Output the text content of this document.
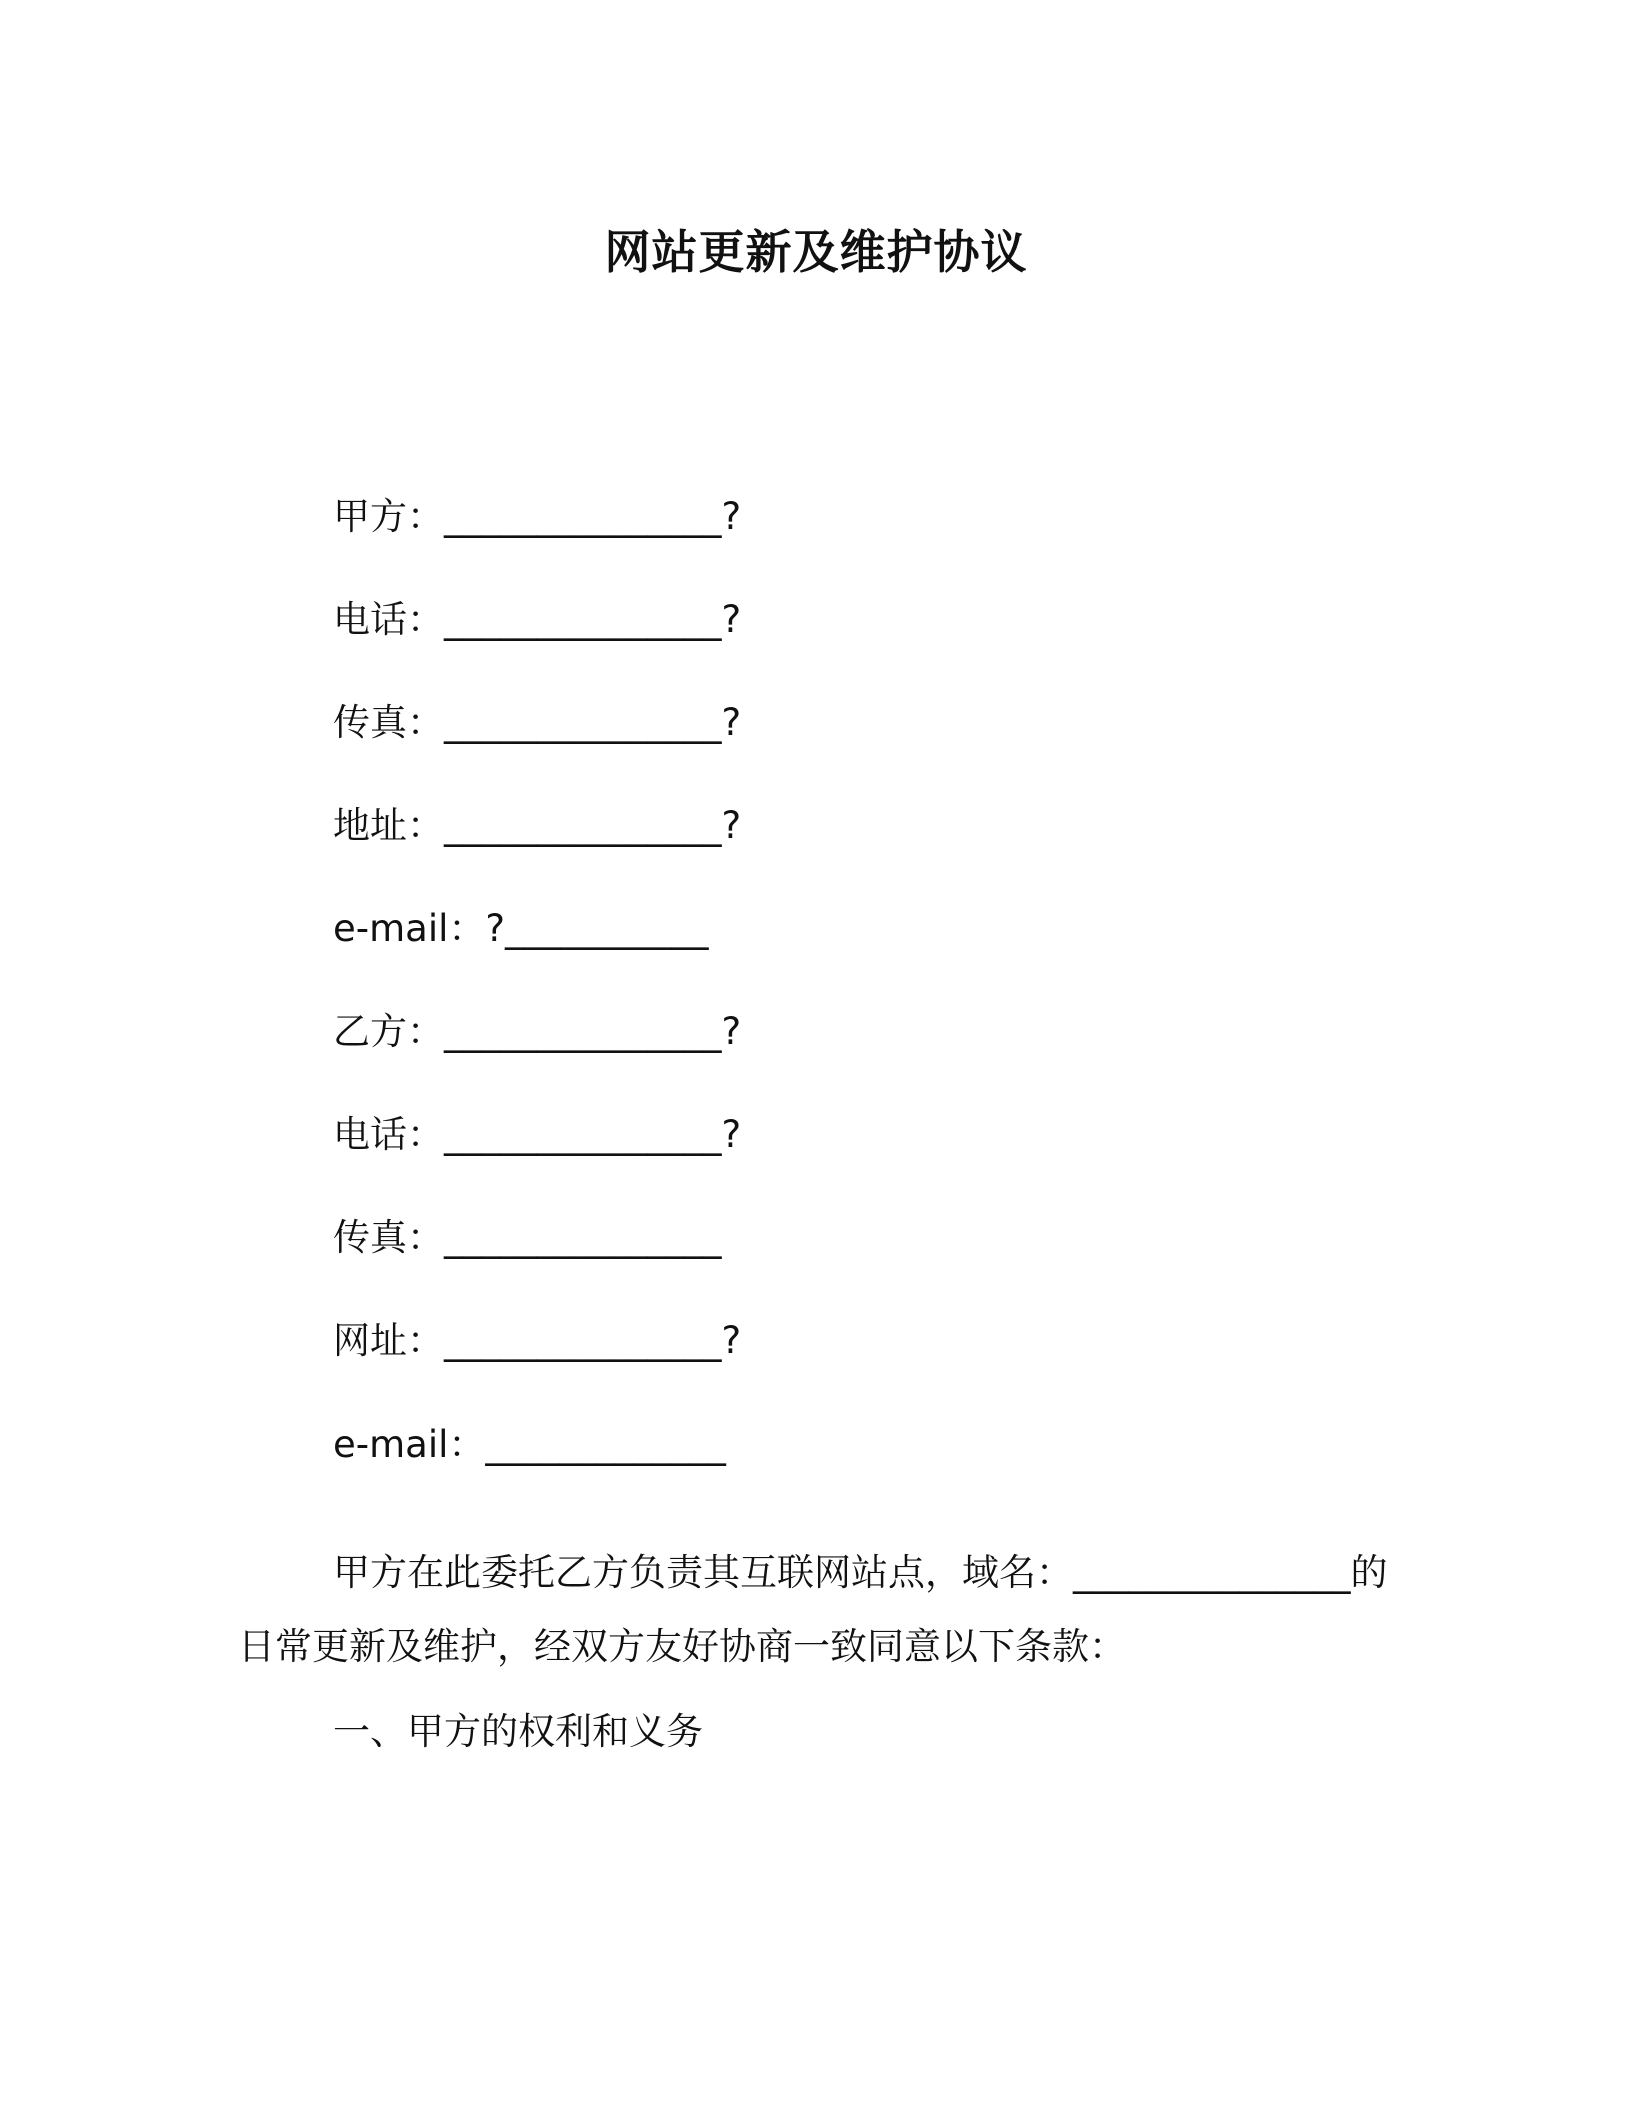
网站更新及维护协议
甲方：_______________?
电话：_______________?
传真：_______________?
地址：_______________?
e-mail：?___________
乙方：_______________?
电话：_______________?
传真：_______________
网址：_______________?
e-mail：_____________

甲方在此委托乙方负责其互联网站点，域名：_______________的日常更新及维护，经双方友好协商一致同意以下条款：

一、甲方的权利和义务
